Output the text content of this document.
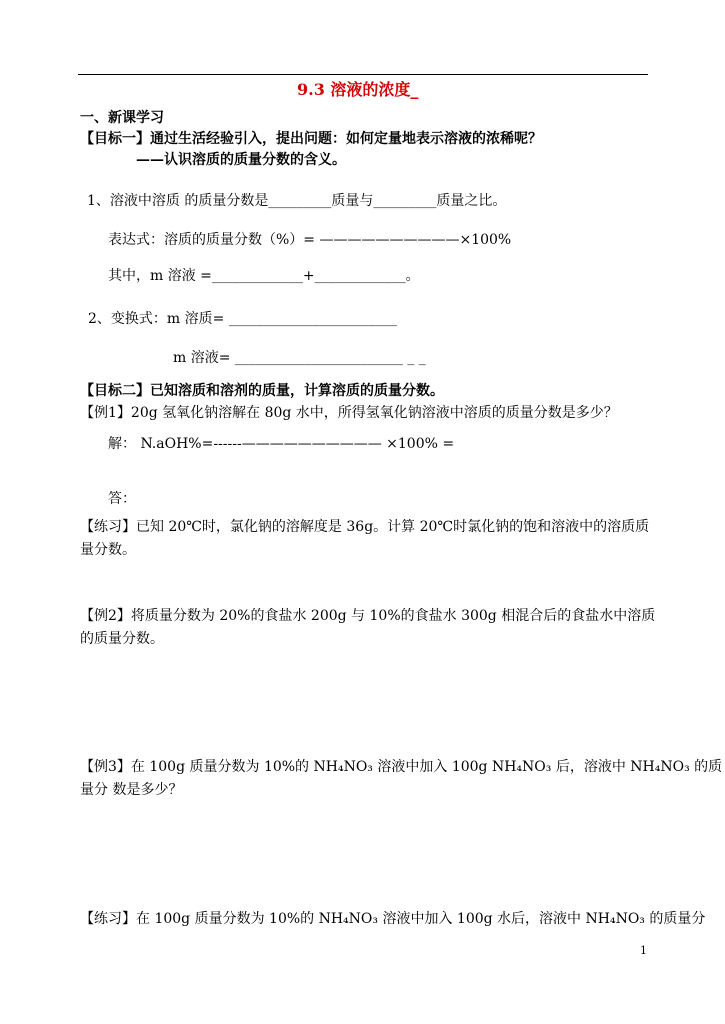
9.3 溶液的浓度_
一、新课学习
【目标一】通过生活经验引入，提出问题：如何定量地表示溶液的浓稀呢？
——认识溶质的质量分数的含义。
1、溶液中溶质 的质量分数是_________质量与_________质量之比。
表达式：溶质的质量分数（%）= ——————————×100%
其中，m 溶液 =_____________+_____________。
2、变换式：m 溶质= ________________________
m 溶液= ________________________ _ _
【目标二】已知溶质和溶剂的质量，计算溶质的质量分数。
【例1】20g 氢氧化钠溶解在 80g 水中，所得氢氧化钠溶液中溶质的质量分数是多少？
解： N.aOH%=------—————————— ×100% =
答：
【练习】已知 20℃时，氯化钠的溶解度是 36g。计算 20℃时氯化钠的饱和溶液中的溶质质
量分数。
【例2】将质量分数为 20%的食盐水 200g 与 10%的食盐水 300g 相混合后的食盐水中溶质
的质量分数。
【例3】在 100g 质量分数为 10%的 NH₄NO₃ 溶液中加入 100g NH₄NO₃ 后，溶液中 NH₄NO₃ 的质
量分 数是多少？
【练习】在 100g 质量分数为 10%的 NH₄NO₃ 溶液中加入 100g 水后，溶液中 NH₄NO₃ 的质量分
1
